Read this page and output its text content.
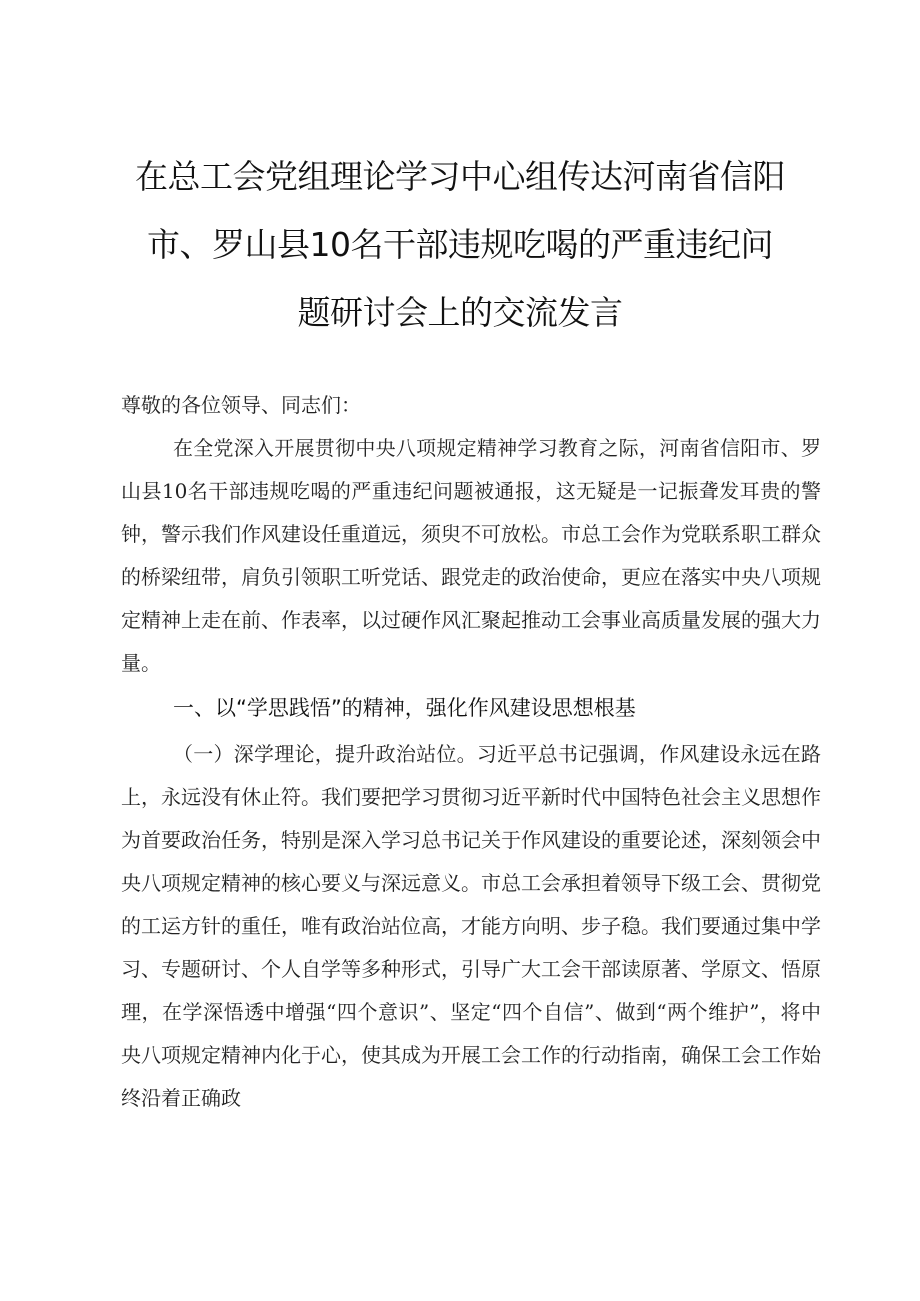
在总工会党组理论学习中心组传达河南省信阳
市、罗山县10名干部违规吃喝的严重违纪问
题研讨会上的交流发言
尊敬的各位领导、同志们：

在全党深入开展贯彻中央八项规定精神学习教育之际，河南省信阳市、罗山县10名干部违规吃喝的严重违纪问题被通报，这无疑是一记振聋发耳贵的警钟，警示我们作风建设任重道远，须臾不可放松。市总工会作为党联系职工群众的桥梁纽带，肩负引领职工听党话、跟党走的政治使命，更应在落实中央八项规定精神上走在前、作表率，以过硬作风汇聚起推动工会事业高质量发展的强大力量。

一、以“学思践悟”的精神，强化作风建设思想根基

（一）深学理论，提升政治站位。习近平总书记强调，作风建设永远在路上，永远没有休止符。我们要把学习贯彻习近平新时代中国特色社会主义思想作为首要政治任务，特别是深入学习总书记关于作风建设的重要论述，深刻领会中央八项规定精神的核心要义与深远意义。市总工会承担着领导下级工会、贯彻党的工运方针的重任，唯有政治站位高，才能方向明、步子稳。我们要通过集中学习、专题研讨、个人自学等多种形式，引导广大工会干部读原著、学原文、悟原理，在学深悟透中增强“四个意识”、坚定“四个自信”、做到“两个维护”，将中央八项规定精神内化于心，使其成为开展工会工作的行动指南，确保工会工作始终沿着正确政
